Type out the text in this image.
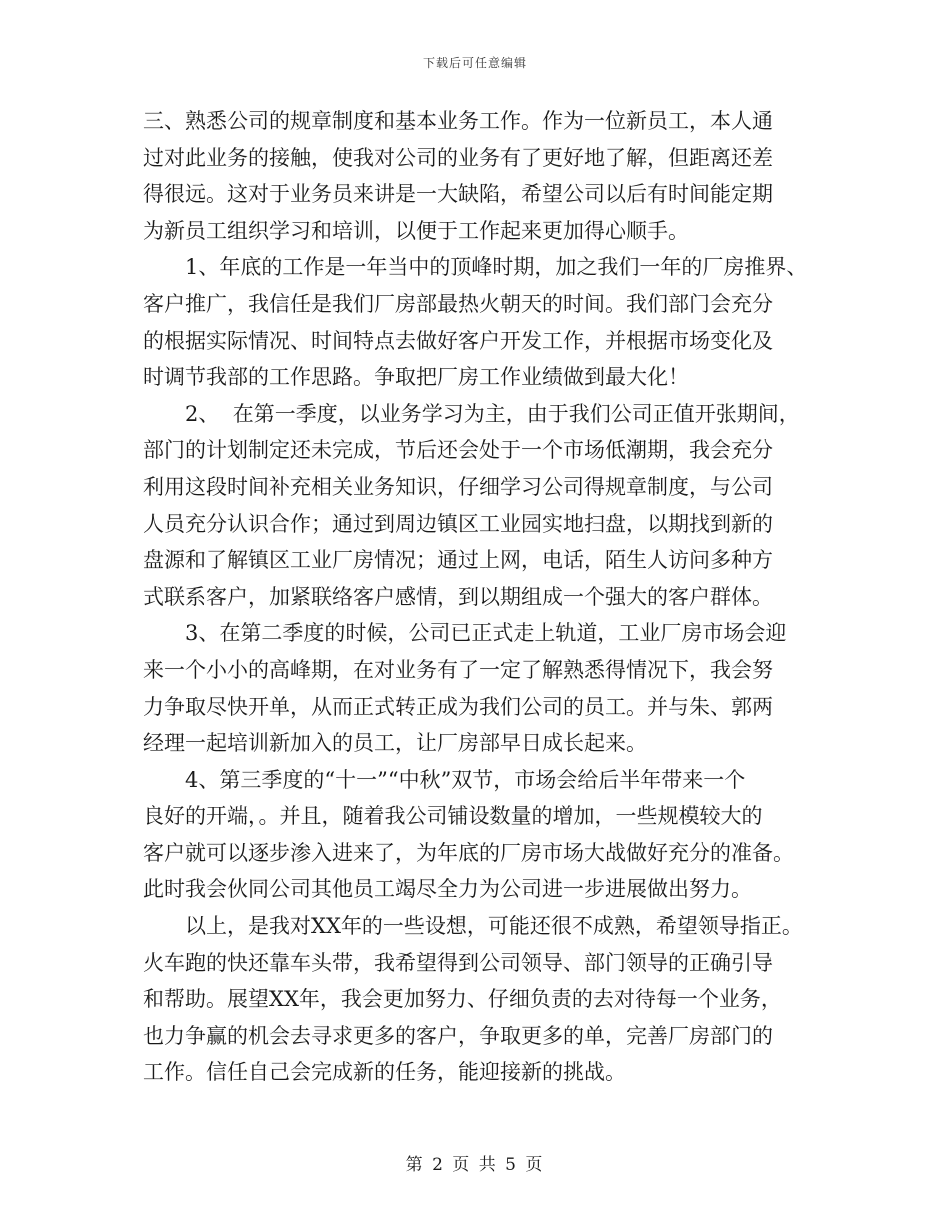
下载后可任意编辑

三、熟悉公司的规章制度和基本业务工作。作为一位新员工，本人通
过对此业务的接触，使我对公司的业务有了更好地了解，但距离还差
得很远。这对于业务员来讲是一大缺陷，希望公司以后有时间能定期
为新员工组织学习和培训，以便于工作起来更加得心顺手。

1、年底的工作是一年当中的顶峰时期，加之我们一年的厂房推界、
客户推广，我信任是我们厂房部最热火朝天的时间。我们部门会充分
的根据实际情况、时间特点去做好客户开发工作，并根据市场变化及
时调节我部的工作思路。争取把厂房工作业绩做到最大化！

2、  在第一季度，以业务学习为主，由于我们公司正值开张期间，
部门的计划制定还未完成，节后还会处于一个市场低潮期，我会充分
利用这段时间补充相关业务知识，仔细学习公司得规章制度，与公司
人员充分认识合作；通过到周边镇区工业园实地扫盘，以期找到新的
盘源和了解镇区工业厂房情况；通过上网，电话，陌生人访问多种方
式联系客户，加紧联络客户感情，到以期组成一个强大的客户群体。

3、在第二季度的时候，公司已正式走上轨道，工业厂房市场会迎
来一个小小的高峰期，在对业务有了一定了解熟悉得情况下，我会努
力争取尽快开单，从而正式转正成为我们公司的员工。并与朱、郭两
经理一起培训新加入的员工，让厂房部早日成长起来。

4、第三季度的“十一”“中秋”双节，市场会给后半年带来一个
良好的开端，。并且，随着我公司铺设数量的增加，一些规模较大的
客户就可以逐步渗入进来了，为年底的厂房市场大战做好充分的准备。
此时我会伙同公司其他员工竭尽全力为公司进一步进展做出努力。

以上，是我对XX年的一些设想，可能还很不成熟，希望领导指正。
火车跑的快还靠车头带，我希望得到公司领导、部门领导的正确引导
和帮助。展望XX年，我会更加努力、仔细负责的去对待每一个业务，
也力争赢的机会去寻求更多的客户，争取更多的单，完善厂房部门的
工作。信任自己会完成新的任务，能迎接新的挑战。

第 2 页 共 5 页
